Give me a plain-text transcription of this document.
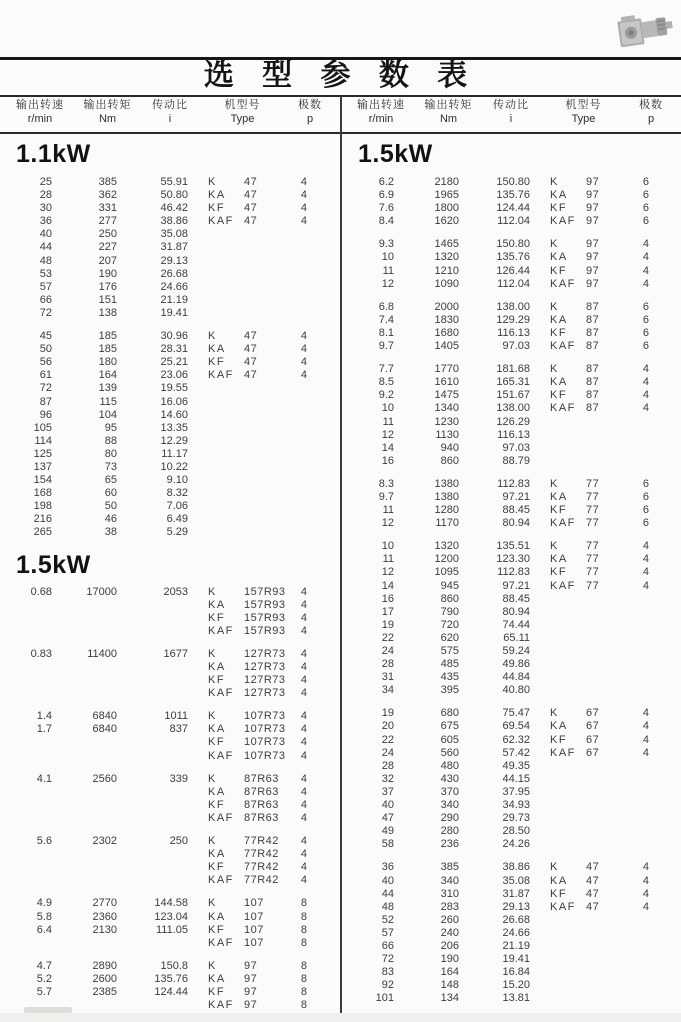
选 型 参 数 表
输出转速
r/min
输出转矩
Nm
传动比
i
机型号
Type
极数
p
输出转速
r/min
输出转矩
Nm
传动比
i
机型号
Type
极数
p
1.1kW
25	385	55.91 K	47	4
28	362	50.80 KA	47	4
30	331	46.42 KF	47	4
36	277	38.86 KAF 47	4
40	250	35.08
44	227	31.87
48	207	29.13
53	190	26.68
57	176	24.66
66	151	21.19
72	138	19.41
45	185	30.96 K	47	4
50	185	28.31 KA	47	4
56	180	25.21 KF	47	4
61	164	23.06 KAF 47	4
72	139	19.55
87	115	16.06
96	104	14.60
105	95	13.35
114	88	12.29
125	80	11.17
137	73	10.22
154	65	9.10
168	60	8.32
198	50	7.06
216	46	6.49
265	38	5.29
1.5kW
0.68	17000	2053 K	157R93	4
KA	157R93	4
KF	157R93	4
KAF 157R93	4
0.83	11400	1677 K	127R73	4
KA	127R73	4
KF	127R73	4
KAF 127R73	4
1.4	6840	1011 K	107R73	4
1.7	6840	837 KA	107R73	4
KF	107R73	4
KAF 107R73	4
4.1	2560	339 K	87R63	4
KA	87R63	4
KF	87R63	4
KAF 87R63	4
5.6	2302	250 K	77R42	4
KA	77R42	4
KF	77R42	4
KAF 77R42	4
4.9	2770	144.58 K	107	8
5.8	2360	123.04 KA	107	8
6.4	2130	111.05 KF	107	8
KAF 107	8
4.7	2890	150.8 K	97	8
5.2	2600	135.76 KA	97	8
5.7	2385	124.44 KF	97	8
KAF 97	8
1.5kW
6.2	2180	150.80 K	97	6
6.9	1965	135.76 KA	97	6
7.6	1800	124.44 KF	97	6
8.4	1620	112.04 KAF 97	6
9.3	1465	150.80 K	97	4
10	1320	135.76 KA	97	4
11	1210	126.44 KF	97	4
12	1090	112.04 KAF 97	4
6.8	2000	138.00 K	87	6
7.4	1830	129.29 KA	87	6
8.1	1680	116.13 KF	87	6
9.7	1405	97.03 KAF 87	6
7.7	1770	181.68 K	87	4
8.5	1610	165.31 KA	87	4
9.2	1475	151.67 KF	87	4
10	1340	138.00 KAF 87	4
11	1230	126.29
12	1130	116.13
14	940	97.03
16	860	88.79
8.3	1380	112.83 K	77	6
9.7	1380	97.21 KA	77	6
11	1280	88.45 KF	77	6
12	1170	80.94 KAF 77	6
10	1320	135.51 K	77	4
11	1200	123.30 KA	77	4
12	1095	112.83 KF	77	4
14	945	97.21 KAF 77	4
16	860	88.45
17	790	80.94
19	720	74.44
22	620	65.11
24	575	59.24
28	485	49.86
31	435	44.84
34	395	40.80
19	680	75.47 K	67	4
20	675	69.54 KA	67	4
22	605	62.32 KF	67	4
24	560	57.42 KAF 67	4
28	480	49.35
32	430	44.15
37	370	37.95
40	340	34.93
47	290	29.73
49	280	28.50
58	236	24.26
36	385	38.86 K	47	4
40	340	35.08 KA	47	4
44	310	31.87 KF	47	4
48	283	29.13 KAF 47	4
52	260	26.68
57	240	24.66
66	206	21.19
72	190	19.41
83	164	16.84
92	148	15.20
101	134	13.81
